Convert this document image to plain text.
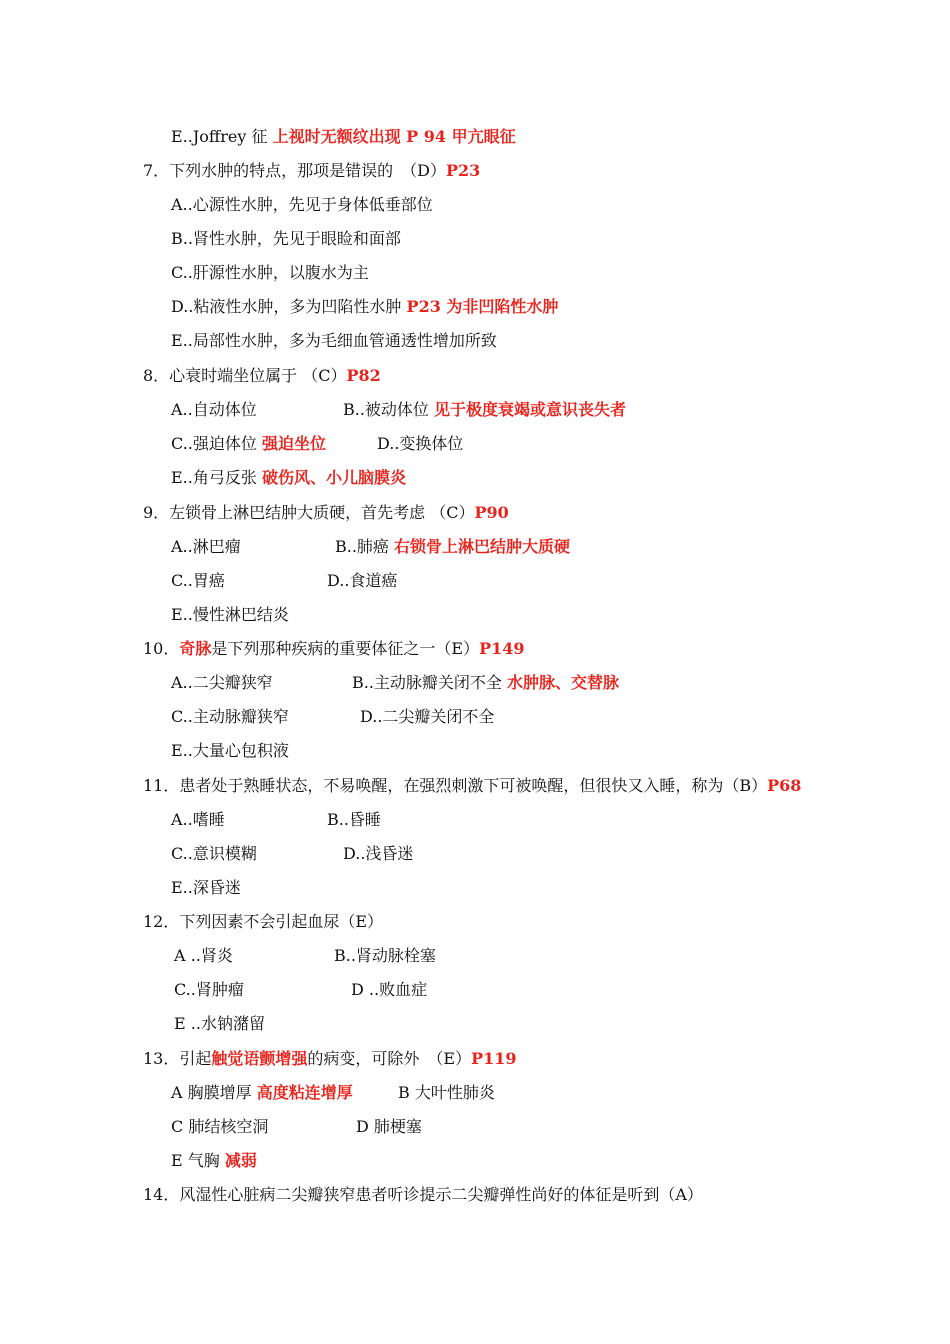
E..Joffrey 征 上视时无额纹出现 P 94 甲亢眼征
7．下列水肿的特点，那项是错误的　（D）P23
A..心源性水肿，先见于身体低垂部位
B..肾性水肿，先见于眼睑和面部
C..肝源性水肿，以腹水为主
D..粘液性水肿，多为凹陷性水肿 P23 为非凹陷性水肿
E..局部性水肿，多为毛细血管通透性增加所致
8．心衰时端坐位属于 （C）P82
A..自动体位	B..被动体位 见于极度衰竭或意识丧失者
C..强迫体位 强迫坐位	D..变换体位
E..角弓反张 破伤风、小儿脑膜炎
9．左锁骨上淋巴结肿大质硬，首先考虑 （C）P90
A..淋巴瘤	B..肺癌 右锁骨上淋巴结肿大质硬
C..胃癌	D..食道癌
E..慢性淋巴结炎
10．奇脉是下列那种疾病的重要体征之一（E）P149
A..二尖瓣狭窄	B..主动脉瓣关闭不全 水肿脉、交替脉
C..主动脉瓣狭窄	D..二尖瓣关闭不全
E..大量心包积液
11．患者处于熟睡状态，不易唤醒，在强烈刺激下可被唤醒，但很快又入睡，称为（B）P68
A..嗜睡	B..昏睡
C..意识模糊	D..浅昏迷
E..深昏迷
12．下列因素不会引起血尿（E）
A ..肾炎	B..肾动脉栓塞
C..肾肿瘤	D ..败血症
E ..水钠潴留
13．引起触觉语颤增强的病变，可除外　（E）P119
A 胸膜增厚 高度粘连增厚	B 大叶性肺炎
C 肺结核空洞	D 肺梗塞
E 气胸 减弱
14．风湿性心脏病二尖瓣狭窄患者听诊提示二尖瓣弹性尚好的体征是听到（A）
